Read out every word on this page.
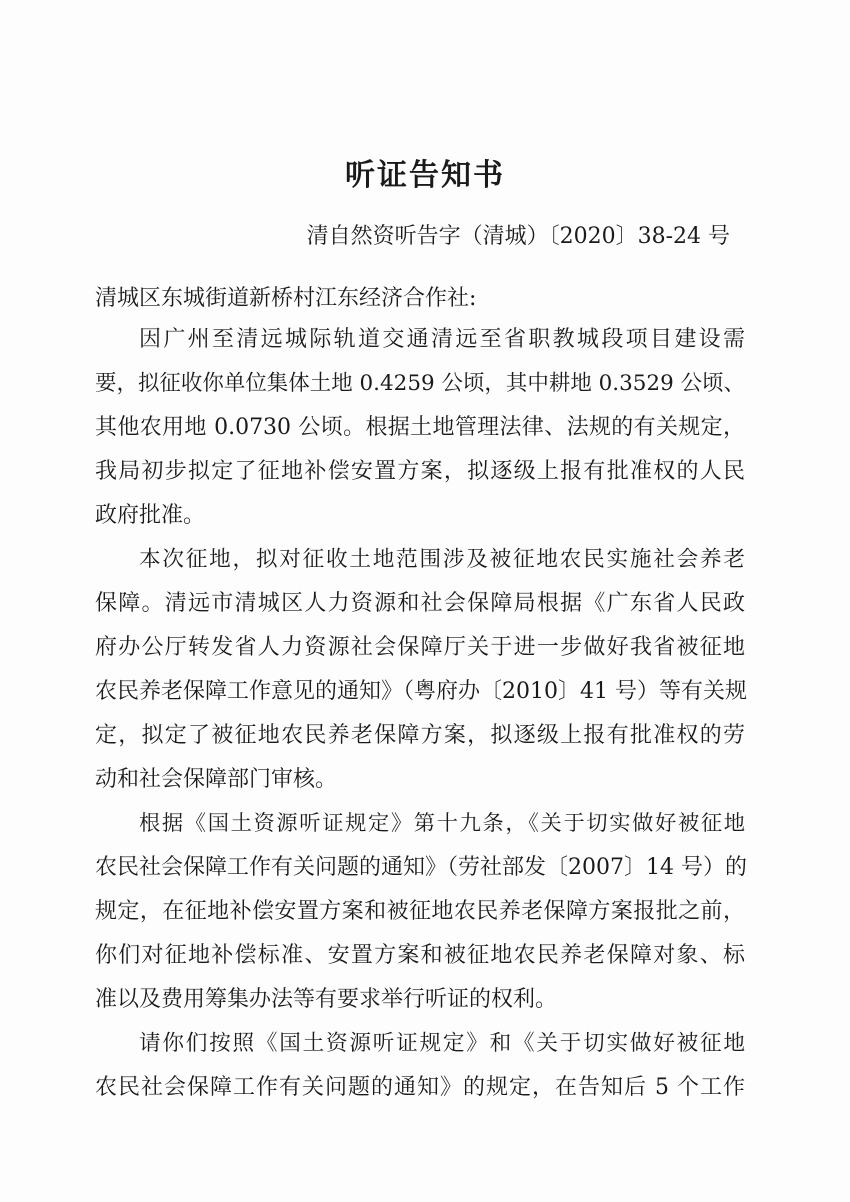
听证告知书
清自然资听告字（清城）〔2020〕38-24 号
清城区东城街道新桥村江东经济合作社:
因广州至清远城际轨道交通清远至省职教城段项目建设需
要，拟征收你单位集体土地 0.4259 公顷，其中耕地 0.3529 公顷、
其他农用地 0.0730 公顷。根据土地管理法律、法规的有关规定，
我局初步拟定了征地补偿安置方案，拟逐级上报有批准权的人民
政府批准。
本次征地，拟对征收土地范围涉及被征地农民实施社会养老
保障。清远市清城区人力资源和社会保障局根据《广东省人民政
府办公厅转发省人力资源社会保障厅关于进一步做好我省被征地
农民养老保障工作意见的通知》（粤府办〔2010〕41 号）等有关规
定，拟定了被征地农民养老保障方案，拟逐级上报有批准权的劳
动和社会保障部门审核。
根据《国土资源听证规定》第十九条，《关于切实做好被征地
农民社会保障工作有关问题的通知》（劳社部发〔2007〕14 号）的
规定，在征地补偿安置方案和被征地农民养老保障方案报批之前，
你们对征地补偿标准、安置方案和被征地农民养老保障对象、标
准以及费用筹集办法等有要求举行听证的权利。
请你们按照《国土资源听证规定》和《关于切实做好被征地
农民社会保障工作有关问题的通知》的规定，在告知后 5 个工作
